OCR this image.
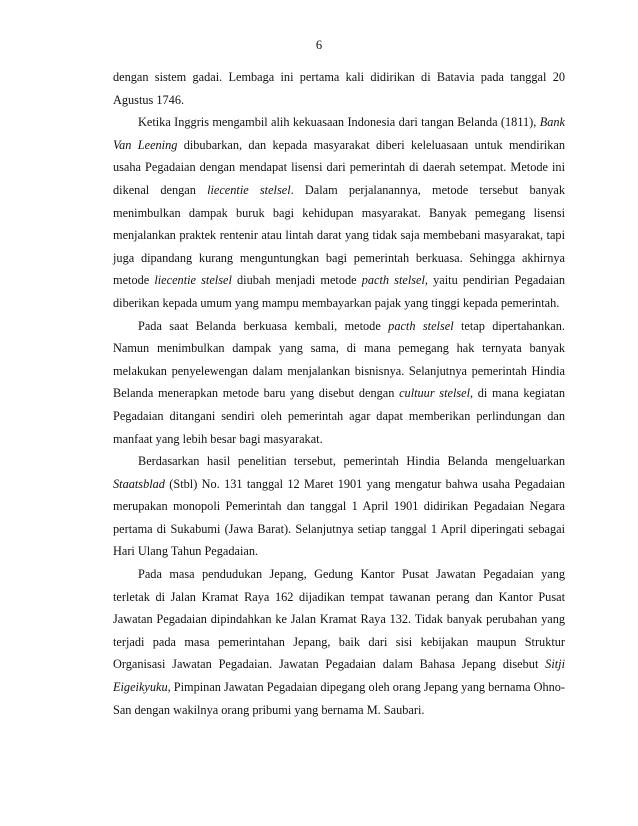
6

dengan sistem gadai. Lembaga ini pertama kali didirikan di Batavia pada tanggal 20 Agustus 1746.

Ketika Inggris mengambil alih kekuasaan Indonesia dari tangan Belanda (1811), Bank Van Leening dibubarkan, dan kepada masyarakat diberi keleluasaan untuk mendirikan usaha Pegadaian dengan mendapat lisensi dari pemerintah di daerah setempat. Metode ini dikenal dengan liecentie stelsel. Dalam perjalanannya, metode tersebut banyak menimbulkan dampak buruk bagi kehidupan masyarakat. Banyak pemegang lisensi menjalankan praktek rentenir atau lintah darat yang tidak saja membebani masyarakat, tapi juga dipandang kurang menguntungkan bagi pemerintah berkuasa. Sehingga akhirnya metode liecentie stelsel diubah menjadi metode pacth stelsel, yaitu pendirian Pegadaian diberikan kepada umum yang mampu membayarkan pajak yang tinggi kepada pemerintah.

Pada saat Belanda berkuasa kembali, metode pacth stelsel tetap dipertahankan. Namun menimbulkan dampak yang sama, di mana pemegang hak ternyata banyak melakukan penyelewengan dalam menjalankan bisnisnya. Selanjutnya pemerintah Hindia Belanda menerapkan metode baru yang disebut dengan cultuur stelsel, di mana kegiatan Pegadaian ditangani sendiri oleh pemerintah agar dapat memberikan perlindungan dan manfaat yang lebih besar bagi masyarakat.

Berdasarkan hasil penelitian tersebut, pemerintah Hindia Belanda mengeluarkan Staatsblad (Stbl) No. 131 tanggal 12 Maret 1901 yang mengatur bahwa usaha Pegadaian merupakan monopoli Pemerintah dan tanggal 1 April 1901 didirikan Pegadaian Negara pertama di Sukabumi (Jawa Barat). Selanjutnya setiap tanggal 1 April diperingati sebagai Hari Ulang Tahun Pegadaian.

Pada masa pendudukan Jepang, Gedung Kantor Pusat Jawatan Pegadaian yang terletak di Jalan Kramat Raya 162 dijadikan tempat tawanan perang dan Kantor Pusat Jawatan Pegadaian dipindahkan ke Jalan Kramat Raya 132. Tidak banyak perubahan yang terjadi pada masa pemerintahan Jepang, baik dari sisi kebijakan maupun Struktur Organisasi Jawatan Pegadaian. Jawatan Pegadaian dalam Bahasa Jepang disebut Sitji Eigeikyuku, Pimpinan Jawatan Pegadaian dipegang oleh orang Jepang yang bernama Ohno-San dengan wakilnya orang pribumi yang bernama M. Saubari.
